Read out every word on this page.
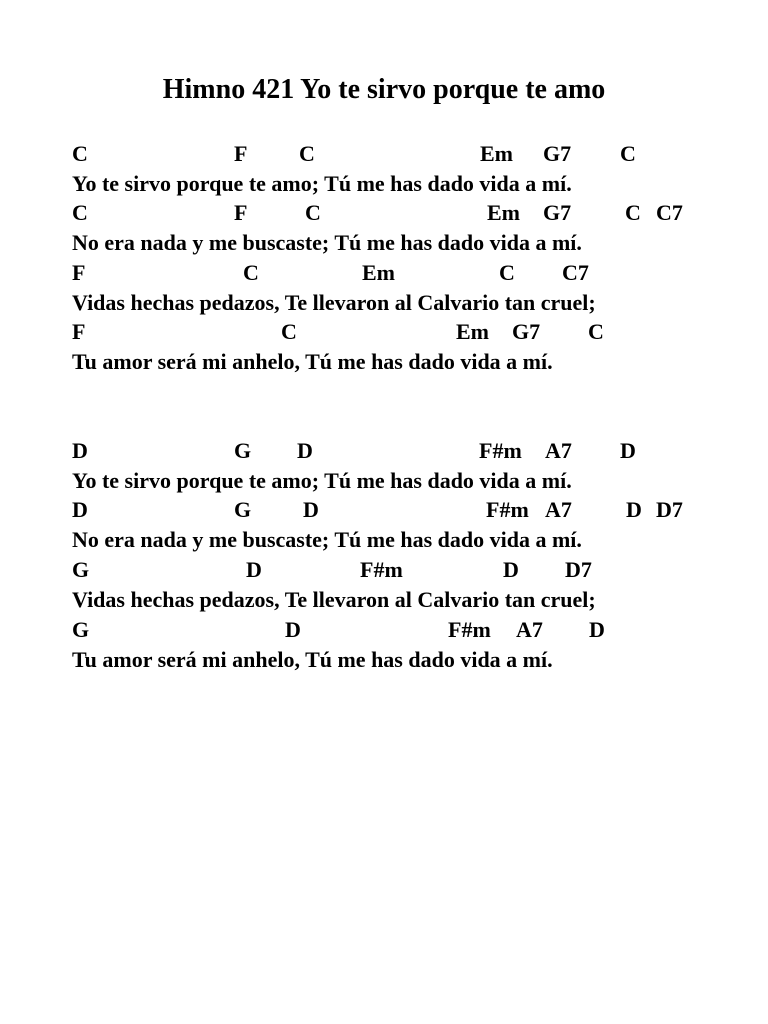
Himno 421 Yo te sirvo porque te amo
C	F C	Em G7 C
Yo te sirvo porque te amo; Tú me has dado vida a mí.
C	F	C	Em G7 C C7
No era nada y me buscaste; Tú me has dado vida a mí.
F	C	Em	C C7
Vidas hechas pedazos, Te llevaron al Calvario tan cruel;
F	C	Em G7 C
Tu amor será mi anhelo, Tú me has dado vida a mí.
D	G D	F#m A7 D
Yo te sirvo porque te amo; Tú me has dado vida a mí.
D	G D	F#m A7 D D7
No era nada y me buscaste; Tú me has dado vida a mí.
G	D	F#m	D D7
Vidas hechas pedazos, Te llevaron al Calvario tan cruel;
G	D	F#m A7 D
Tu amor será mi anhelo, Tú me has dado vida a mí.
